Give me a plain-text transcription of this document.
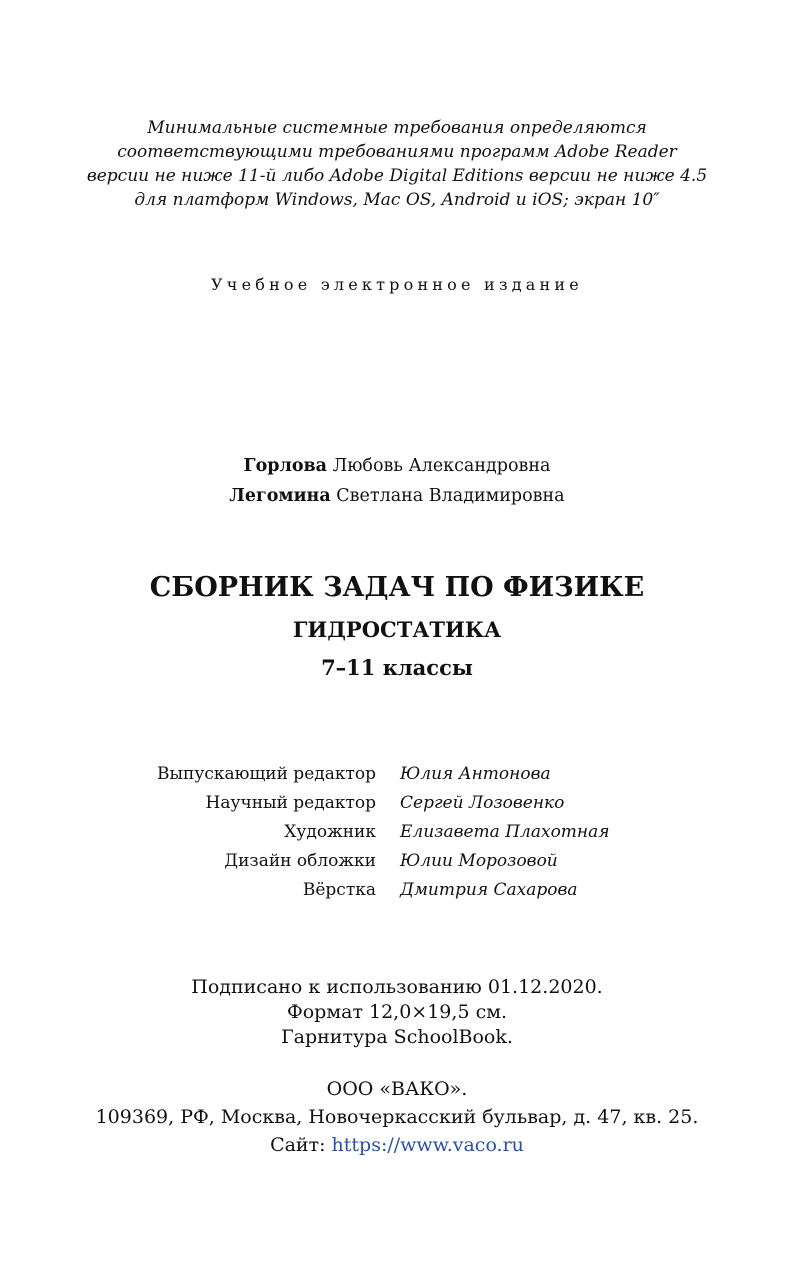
Минимальные системные требования определяются
соответствующими требованиями программ Adobe Reader
версии не ниже 11-й либо Adobe Digital Editions версии не ниже 4.5
для платформ Windows, Mac OS, Android и iOS; экран 10″
Учебное электронное издание
Горлова Любовь Александровна
Легомина Светлана Владимировна
СБОРНИК ЗАДАЧ ПО ФИЗИКЕ
ГИДРОСТАТИКА
7–11 классы
Выпускающий редактор Юлия Антонова
Научный редактор Сергей Лозовенко
Художник Елизавета Плахотная
Дизайн обложки Юлии Морозовой
Вёрстка Дмитрия Сахарова
Подписано к использованию 01.12.2020.
Формат 12,0×19,5 см.
Гарнитура SchoolBook.
ООО «ВАКО».
109369, РФ, Москва, Новочеркасский бульвар, д. 47, кв. 25.
Сайт: https://www.vaco.ru
